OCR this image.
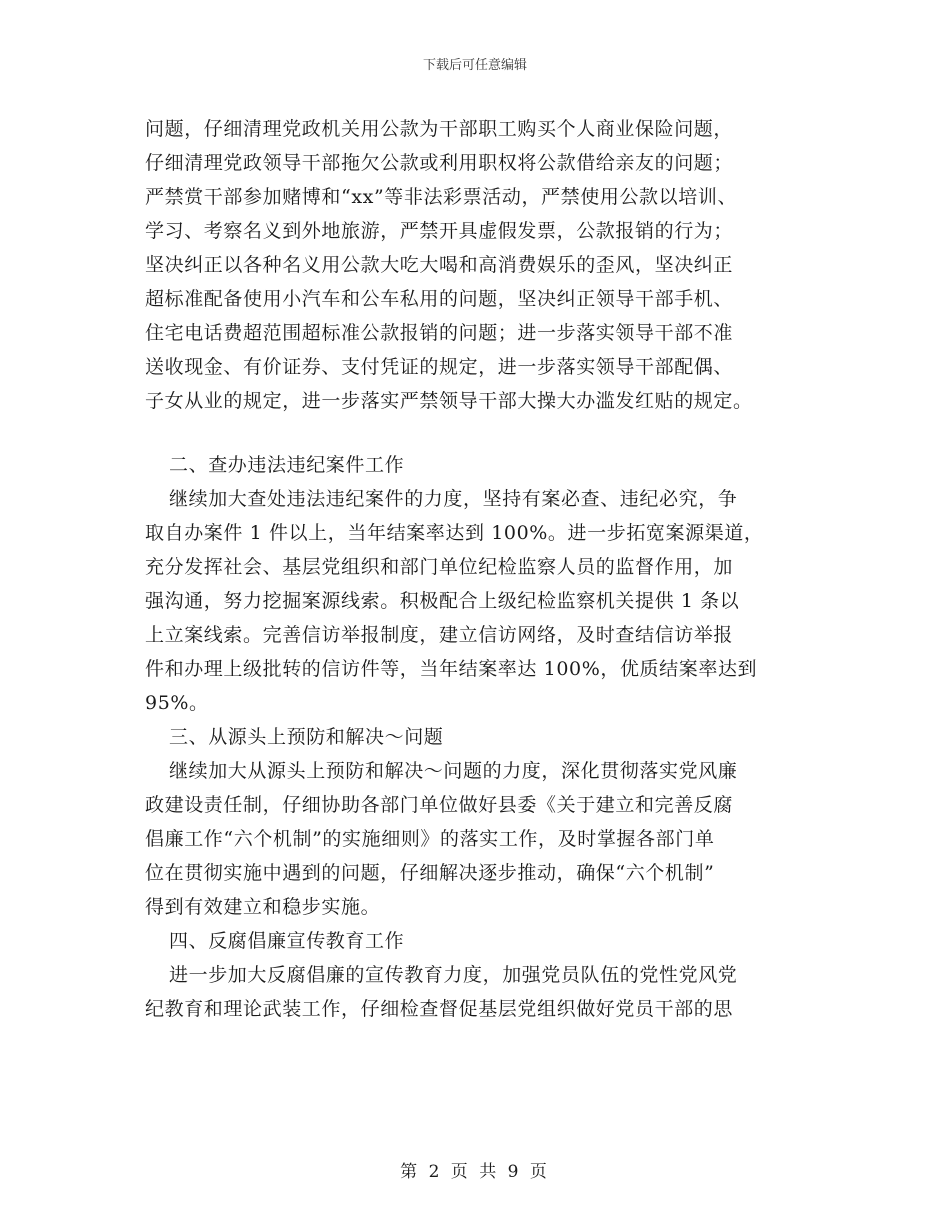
下载后可任意编辑
问题，仔细清理党政机关用公款为干部职工购买个人商业保险问题，
仔细清理党政领导干部拖欠公款或利用职权将公款借给亲友的问题；
严禁赏干部参加赌博和“xx”等非法彩票活动，严禁使用公款以培训、
学习、考察名义到外地旅游，严禁开具虚假发票，公款报销的行为；
坚决纠正以各种名义用公款大吃大喝和高消费娱乐的歪风，坚决纠正
超标准配备使用小汽车和公车私用的问题，坚决纠正领导干部手机、
住宅电话费超范围超标准公款报销的问题；进一步落实领导干部不准
送收现金、有价证券、支付凭证的规定，进一步落实领导干部配偶、
子女从业的规定，进一步落实严禁领导干部大操大办滥发红贴的规定。
二、查办违法违纪案件工作
继续加大查处违法违纪案件的力度，坚持有案必查、违纪必究，争
取自办案件 1 件以上，当年结案率达到 100%。进一步拓宽案源渠道，
充分发挥社会、基层党组织和部门单位纪检监察人员的监督作用，加
强沟通，努力挖掘案源线索。积极配合上级纪检监察机关提供 1 条以
上立案线索。完善信访举报制度，建立信访网络，及时查结信访举报
件和办理上级批转的信访件等，当年结案率达 100%，优质结案率达到
95%。
三、从源头上预防和解决～问题
继续加大从源头上预防和解决～问题的力度，深化贯彻落实党风廉
政建设责任制，仔细协助各部门单位做好县委《关于建立和完善反腐
倡廉工作“六个机制”的实施细则》的落实工作，及时掌握各部门单
位在贯彻实施中遇到的问题，仔细解决逐步推动，确保“六个机制”
得到有效建立和稳步实施。
四、反腐倡廉宣传教育工作
进一步加大反腐倡廉的宣传教育力度，加强党员队伍的党性党风党
纪教育和理论武装工作，仔细检查督促基层党组织做好党员干部的思
第 2 页 共 9 页
